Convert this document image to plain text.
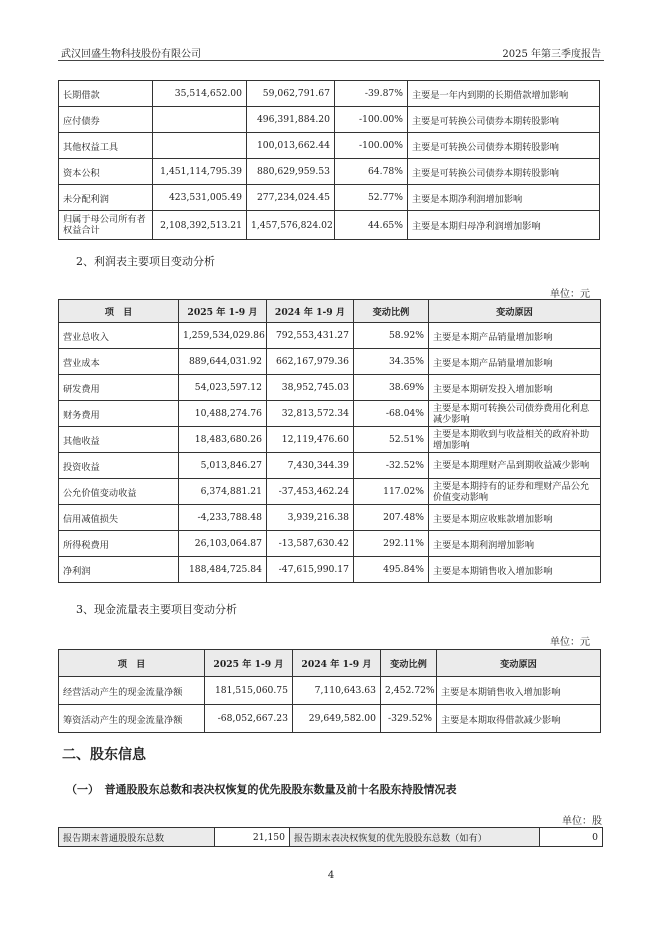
武汉回盛生物科技股份有限公司	2025 年第三季度报告
长期借款	35,514,652.00	59,062,791.67	-39.87%	主要是一年内到期的长期借款增加影响
应付债券		496,391,884.20	-100.00%	主要是可转换公司债券本期转股影响
其他权益工具		100,013,662.44	-100.00%	主要是可转换公司债券本期转股影响
资本公积	1,451,114,795.39	880,629,959.53	64.78%	主要是可转换公司债券本期转股影响
未分配利润	423,531,005.49	277,234,024.45	52.77%	主要是本期净利润增加影响
归属于母公司所有者权益合计	2,108,392,513.21	1,457,576,824.02	44.65%	主要是本期归母净利润增加影响
2、利润表主要项目变动分析
单位：元
项　目	2025 年 1-9 月	2024 年 1-9 月	变动比例	变动原因
营业总收入	1,259,534,029.86	792,553,431.27	58.92%	主要是本期产品销量增加影响
营业成本	889,644,031.92	662,167,979.36	34.35%	主要是本期产品销量增加影响
研发费用	54,023,597.12	38,952,745.03	38.69%	主要是本期研发投入增加影响
财务费用	10,488,274.76	32,813,572.34	-68.04%	主要是本期可转换公司债券费用化利息减少影响
其他收益	18,483,680.26	12,119,476.60	52.51%	主要是本期收到与收益相关的政府补助增加影响
投资收益	5,013,846.27	7,430,344.39	-32.52%	主要是本期理财产品到期收益减少影响
公允价值变动收益	6,374,881.21	-37,453,462.24	117.02%	主要是本期持有的证券和理财产品公允价值变动影响
信用减值损失	-4,233,788.48	3,939,216.38	207.48%	主要是本期应收账款增加影响
所得税费用	26,103,064.87	-13,587,630.42	292.11%	主要是本期利润增加影响
净利润	188,484,725.84	-47,615,990.17	495.84%	主要是本期销售收入增加影响
3、现金流量表主要项目变动分析
单位：元
项　目	2025 年 1-9 月	2024 年 1-9 月	变动比例	变动原因
经营活动产生的现金流量净额	181,515,060.75	7,110,643.63	2,452.72%	主要是本期销售收入增加影响
筹资活动产生的现金流量净额	-68,052,667.23	29,649,582.00	-329.52%	主要是本期取得借款减少影响
二、股东信息
（一）　普通股股东总数和表决权恢复的优先股股东数量及前十名股东持股情况表
单位：股
报告期末普通股股东总数	21,150	报告期末表决权恢复的优先股股东总数（如有）	0
4
